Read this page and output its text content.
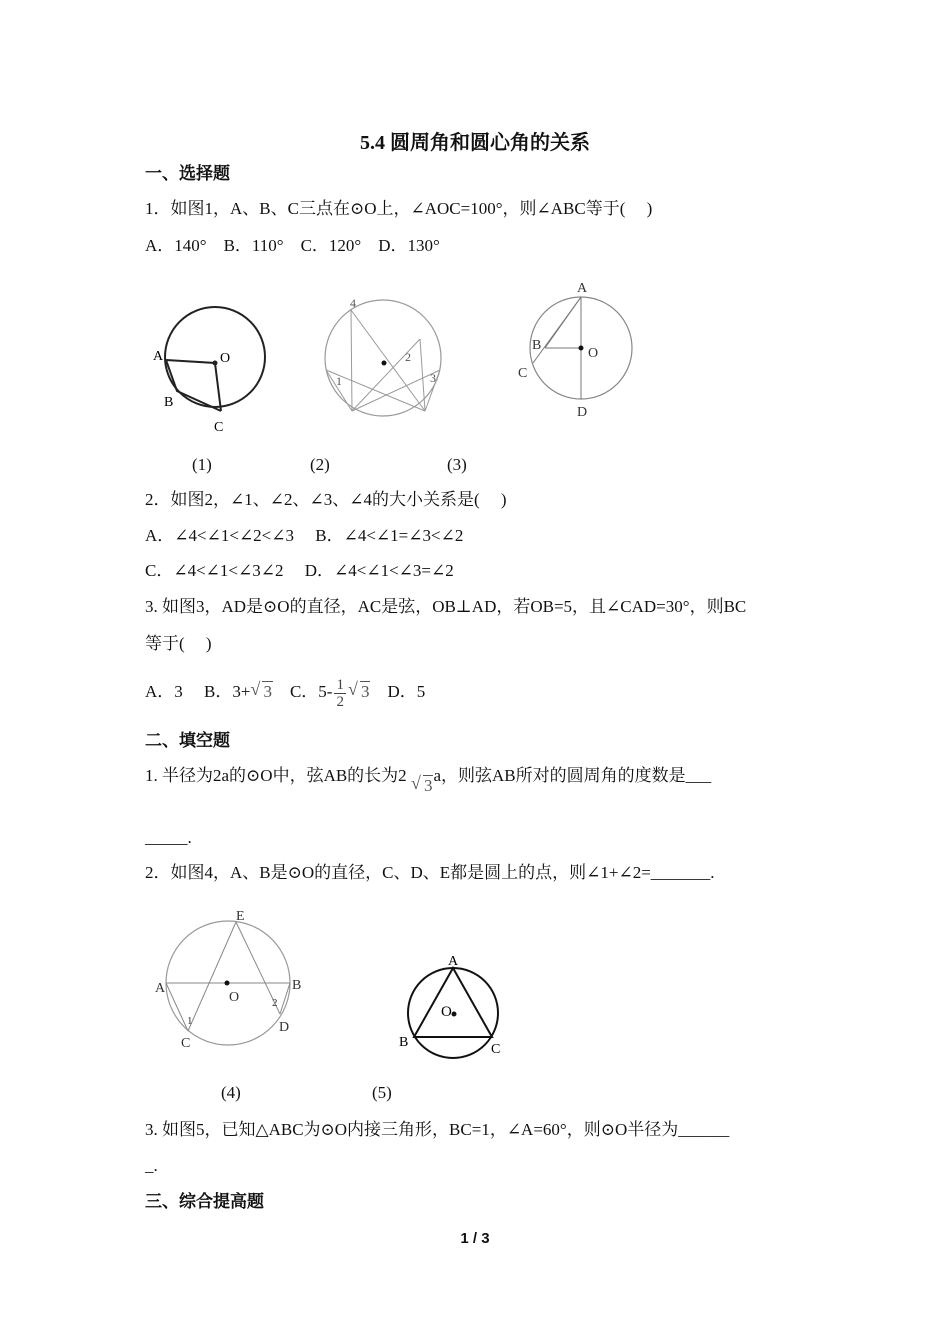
5.4 圆周角和圆心角的关系
一、选择题
1．如图1，A、B、C三点在⊙O上，∠AOC=100°，则∠ABC等于(　 )
A．140°　B．110°　C．120°　D．130°
A	O
B
C
4
2
1	3
A
B
O
C
D
(1)	(2)	(3)
2．如图2，∠1、∠2、∠3、∠4的大小关系是(　 )
A．∠4<∠1<∠2<∠3　 B．∠4<∠1=∠3<∠2
C．∠4<∠1<∠3∠2　 D．∠4<∠1<∠3=∠2
3. 如图3，AD是⊙O的直径，AC是弦，OB⊥AD，若OB=5，且∠CAD=30°，则BC
等于(　 )
A．3　 B．3+ √ 3　C．$5- \frac{1}{2}$ √ 3　D．5
二、填空题
1. 半径为2a的⊙O中，弦AB的长为2 √ 3a，则弦AB所对的圆周角的度数是___
_____.
2．如图4，A、B是⊙O的直径，C、D、E都是圆上的点，则∠1+∠2=_______.
E
A
O
B
1
2
C
D
A
O
B	C
(4)	(5)
3. 如图5，已知△ABC为⊙O内接三角形，BC=1，∠A=60°，则⊙O半径为______
_.
三、综合提高题
1 / 3
